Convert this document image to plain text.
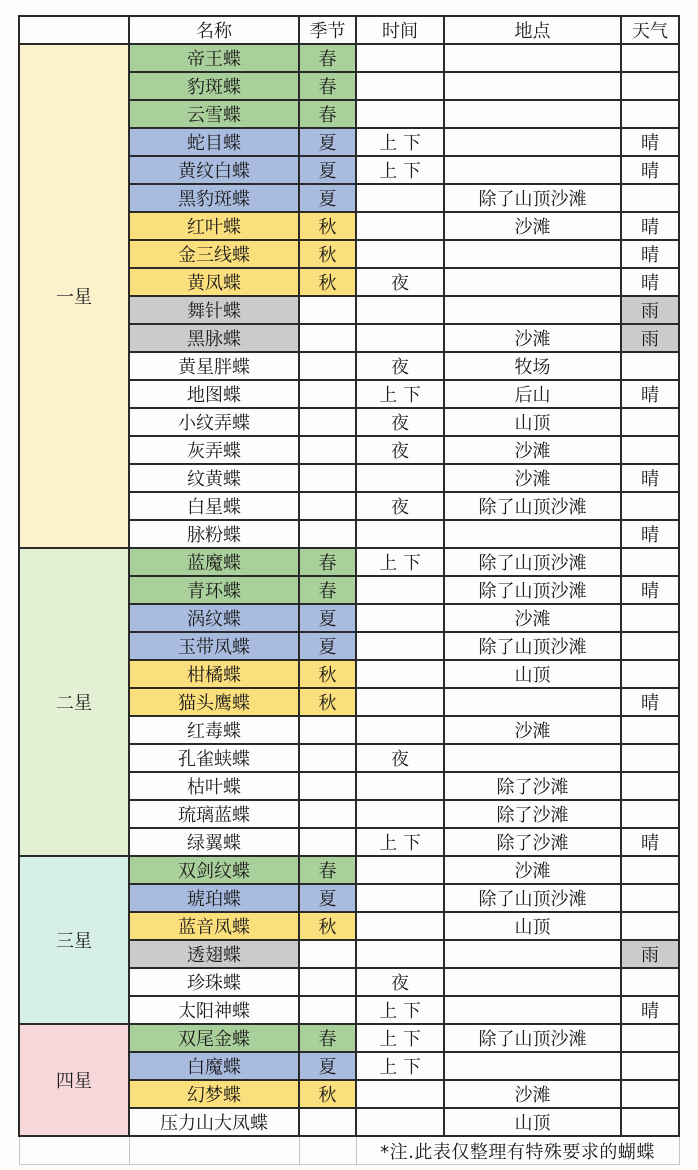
	名称	季节	时间	地点	天气
一星	帝王蝶	春			
	豹斑蝶	春			
	云雪蝶	春			
	蛇目蝶	夏	上 下		晴
	黄纹白蝶	夏	上 下		晴
	黑豹斑蝶	夏		除了山顶沙滩	
	红叶蝶	秋		沙滩	晴
	金三线蝶	秋			晴
	黄凤蝶	秋	夜		晴
	舞针蝶				雨
	黑脉蝶			沙滩	雨
	黄星胖蝶		夜	牧场	
	地图蝶		上 下	后山	晴
	小纹弄蝶		夜	山顶	
	灰弄蝶		夜	沙滩	
	纹黄蝶			沙滩	晴
	白星蝶		夜	除了山顶沙滩	
	脉粉蝶				晴
二星	蓝魔蝶	春	上 下	除了山顶沙滩	
	青环蝶	春		除了山顶沙滩	晴
	涡纹蝶	夏		沙滩	
	玉带凤蝶	夏		除了山顶沙滩	
	柑橘蝶	秋		山顶	
	猫头鹰蝶	秋			晴
	红毒蝶			沙滩	
	孔雀蛱蝶		夜		
	枯叶蝶			除了沙滩	
	琉璃蓝蝶			除了沙滩	
	绿翼蝶		上 下	除了沙滩	晴
三星	双剑纹蝶	春		沙滩	
	琥珀蝶	夏		除了山顶沙滩	
	蓝音凤蝶	秋		山顶	
	透翅蝶				雨
	珍珠蝶		夜		
	太阳神蝶		上 下		晴
四星	双尾金蝶	春	上 下	除了山顶沙滩	
	白魔蝶	夏	上 下		
	幻梦蝶	秋		沙滩	
	压力山大凤蝶			山顶	
			*注.此表仅整理有特殊要求的蝴蝶		
